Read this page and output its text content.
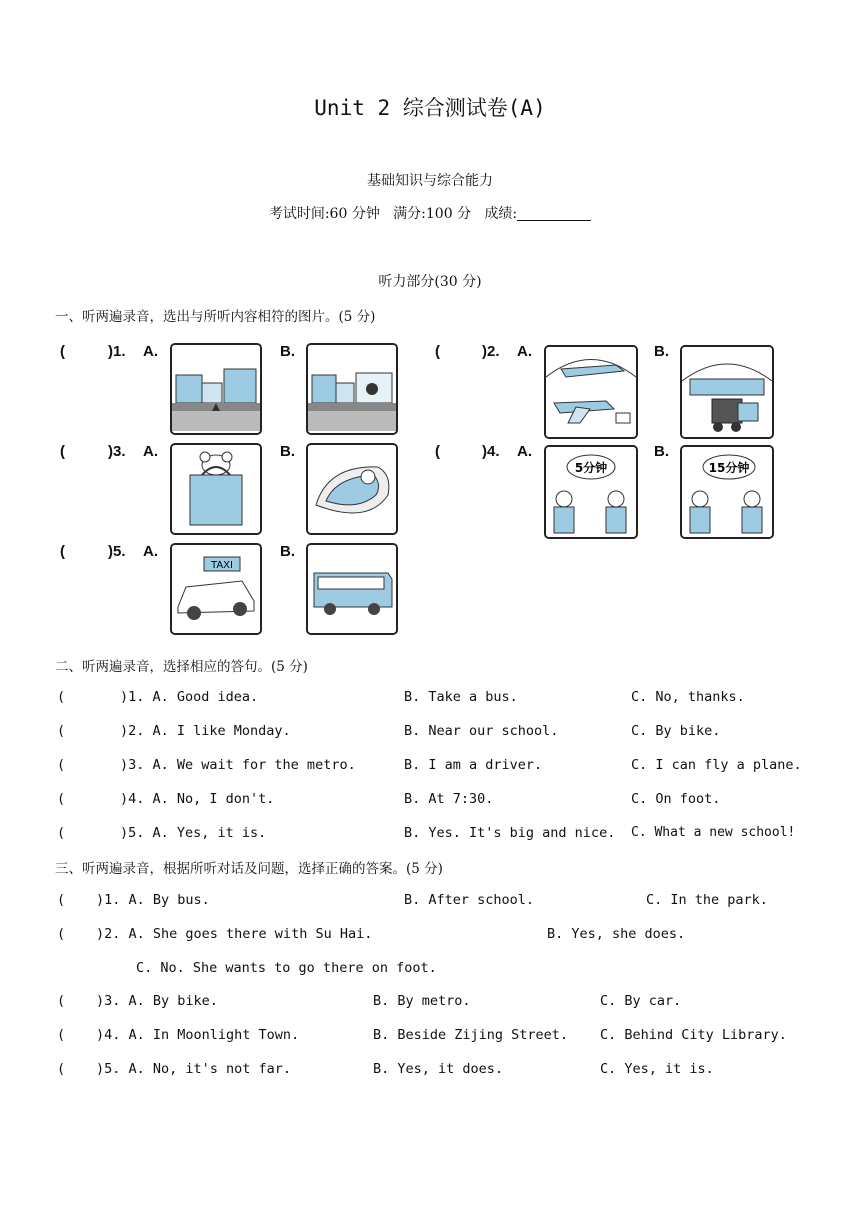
Unit 2 综合测试卷(A)
基础知识与综合能力
考试时间:60 分钟   满分:100 分   成绩:
听力部分(30 分)
一、听两遍录音，选出与所听内容相符的图片。(5 分)
(	)1. A.	B.	(	)2. A.	B.
(	)3. A.	B.	(	)4. A.
5分钟
B.
15分钟
(	)5. A.
TAXI
B.
二、听两遍录音，选择相应的答句。(5 分)
(	)1. A. Good idea.	B. Take a bus.	C. No, thanks.
(	)2. A. I like Monday.	B. Near our school.	C. By bike.
(	)3. A. We wait for the metro.	B. I am a driver.	C. I can fly a plane.
(	)4. A. No, I don't.	B. At 7:30.	C. On foot.
(	)5. A. Yes, it is.	B. Yes. It's big and nice. C. What a new school!
三、听两遍录音，根据所听对话及问题，选择正确的答案。(5 分)
( )1. A. By bus.	B. After school.	C. In the park.
( )2. A. She goes there with Su Hai.	B. Yes, she does.
C. No. She wants to go there on foot.
( )3. A. By bike.	B. By metro.	C. By car.
( )4. A. In Moonlight Town.	B. Beside Zijing Street. C. Behind City Library.
( )5. A. No, it's not far.	B. Yes, it does.	C. Yes, it is.
